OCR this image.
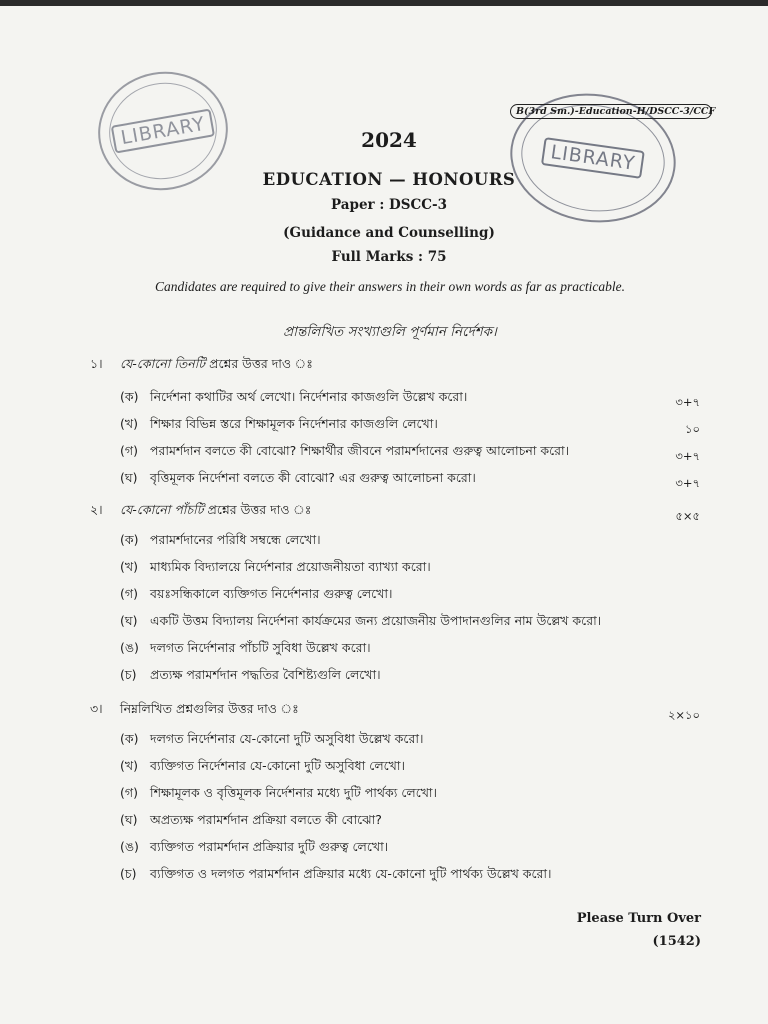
LIBRARY
LIBRARY
B(3rd Sm.)-Education-H/DSCC-3/CCF
2024
EDUCATION — HONOURS
Paper : DSCC-3
(Guidance and Counselling)
Full Marks : 75
Candidates are required to give their answers in their own words as far as practicable.
প্রান্তলিখিত সংখ্যাগুলি পূর্ণমান নির্দেশক।
১। যে-কোনো তিনটি প্রশ্নের উত্তর দাও ঃ
(ক) নির্দেশনা কথাটির অর্থ লেখো। নির্দেশনার কাজগুলি উল্লেখ করো।	৩+৭
(খ) শিক্ষার বিভিন্ন স্তরে শিক্ষামূলক নির্দেশনার কাজগুলি লেখো।	১০
(গ) পরামর্শদান বলতে কী বোঝো? শিক্ষার্থীর জীবনে পরামর্শদানের গুরুত্ব আলোচনা করো।	৩+৭
(ঘ) বৃত্তিমূলক নির্দেশনা বলতে কী বোঝো? এর গুরুত্ব আলোচনা করো।	৩+৭
২। যে-কোনো পাঁচটি প্রশ্নের উত্তর দাও ঃ	৫×৫
(ক) পরামর্শদানের পরিধি সম্বন্ধে লেখো।
(খ) মাধ্যমিক বিদ্যালয়ে নির্দেশনার প্রয়োজনীয়তা ব্যাখ্যা করো।
(গ) বয়ঃসন্ধিকালে ব্যক্তিগত নির্দেশনার গুরুত্ব লেখো।
(ঘ) একটি উত্তম বিদ্যালয় নির্দেশনা কার্যক্রমের জন্য প্রয়োজনীয় উপাদানগুলির নাম উল্লেখ করো।
(ঙ) দলগত নির্দেশনার পাঁচটি সুবিধা উল্লেখ করো।
(চ) প্রত্যক্ষ পরামর্শদান পদ্ধতির বৈশিষ্ট্যগুলি লেখো।
৩। নিম্নলিখিত প্রশ্নগুলির উত্তর দাও ঃ	২×১০
(ক) দলগত নির্দেশনার যে-কোনো দুটি অসুবিধা উল্লেখ করো।
(খ) ব্যক্তিগত নির্দেশনার যে-কোনো দুটি অসুবিধা লেখো।
(গ) শিক্ষামূলক ও বৃত্তিমূলক নির্দেশনার মধ্যে দুটি পার্থক্য লেখো।
(ঘ) অপ্রত্যক্ষ পরামর্শদান প্রক্রিয়া বলতে কী বোঝো?
(ঙ) ব্যক্তিগত পরামর্শদান প্রক্রিয়ার দুটি গুরুত্ব লেখো।
(চ) ব্যক্তিগত ও দলগত পরামর্শদান প্রক্রিয়ার মধ্যে যে-কোনো দুটি পার্থক্য উল্লেখ করো।
Please Turn Over
(1542)
